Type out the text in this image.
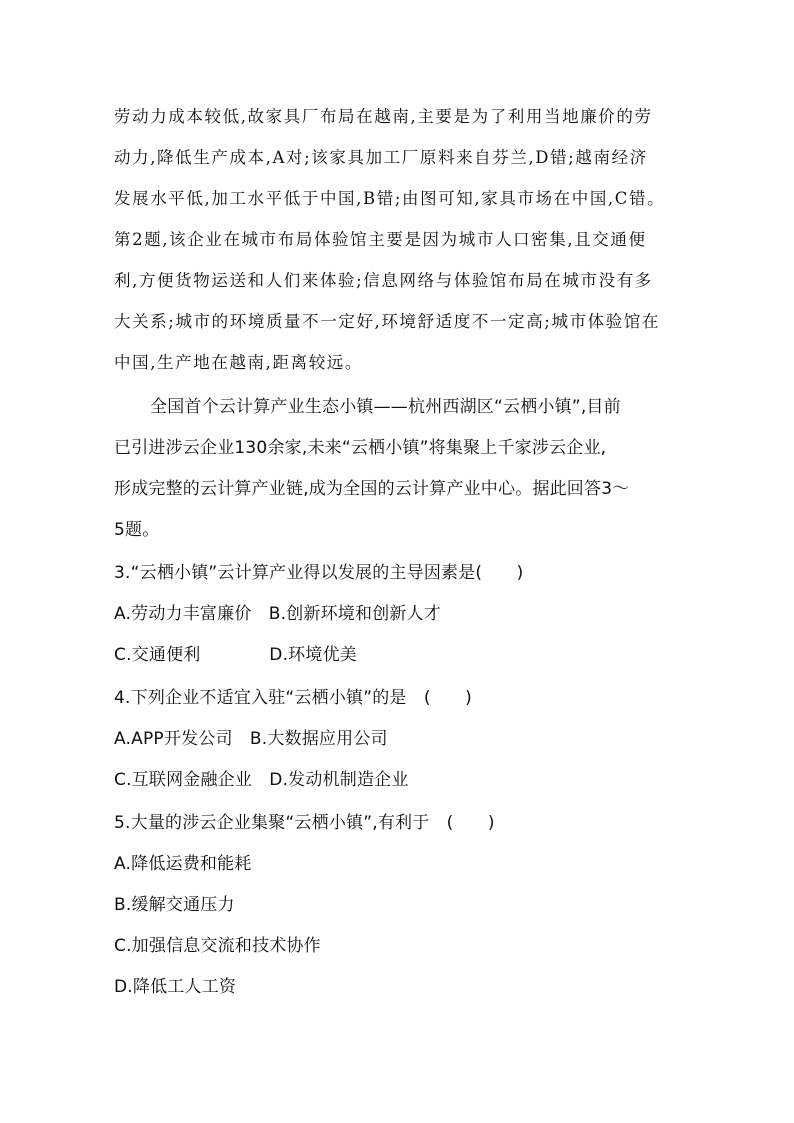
劳动力成本较低,故家具厂布局在越南,主要是为了利用当地廉价的劳
动力,降低生产成本,A对;该家具加工厂原料来自芬兰,D错;越南经济
发展水平低,加工水平低于中国,B错;由图可知,家具市场在中国,C错。
第2题,该企业在城市布局体验馆主要是因为城市人口密集,且交通便
利,方便货物运送和人们来体验;信息网络与体验馆布局在城市没有多
大关系;城市的环境质量不一定好,环境舒适度不一定高;城市体验馆在
中国,生产地在越南,距离较远。
全国首个云计算产业生态小镇——杭州西湖区“云栖小镇”,目前
已引进涉云企业130余家,未来“云栖小镇”将集聚上千家涉云企业,
形成完整的云计算产业链,成为全国的云计算产业中心。据此回答3～
5题。
3.“云栖小镇”云计算产业得以发展的主导因素是(　　)
A.劳动力丰富廉价　B.创新环境和创新人才
C.交通便利　　　　D.环境优美
4.下列企业不适宜入驻“云栖小镇”的是　(　　)
A.APP开发公司　B.大数据应用公司
C.互联网金融企业　D.发动机制造企业
5.大量的涉云企业集聚“云栖小镇”,有利于　(　　)
A.降低运费和能耗
B.缓解交通压力
C.加强信息交流和技术协作
D.降低工人工资
